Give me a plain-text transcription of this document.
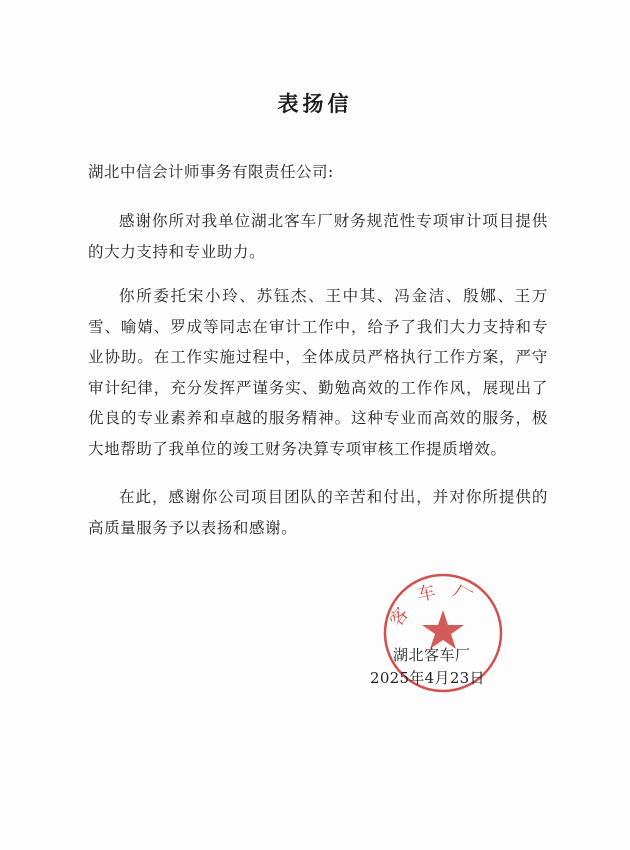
表扬信
湖北中信会计师事务有限责任公司:

感谢你所对我单位湖北客车厂财务规范性专项审计项目提供的大力支持和专业助力。

你所委托宋小玲、苏钰杰、王中其、冯金洁、殷娜、王万雪、喻婧、罗成等同志在审计工作中，给予了我们大力支持和专业协助。在工作实施过程中，全体成员严格执行工作方案，严守审计纪律，充分发挥严谨务实、勤勉高效的工作作风，展现出了优良的专业素养和卓越的服务精神。这种专业而高效的服务，极大地帮助了我单位的竣工财务决算专项审核工作提质增效。

在此，感谢你公司项目团队的辛苦和付出，并对你所提供的高质量服务予以表扬和感谢。

客车厂
湖北客车厂
2025年4月23日
